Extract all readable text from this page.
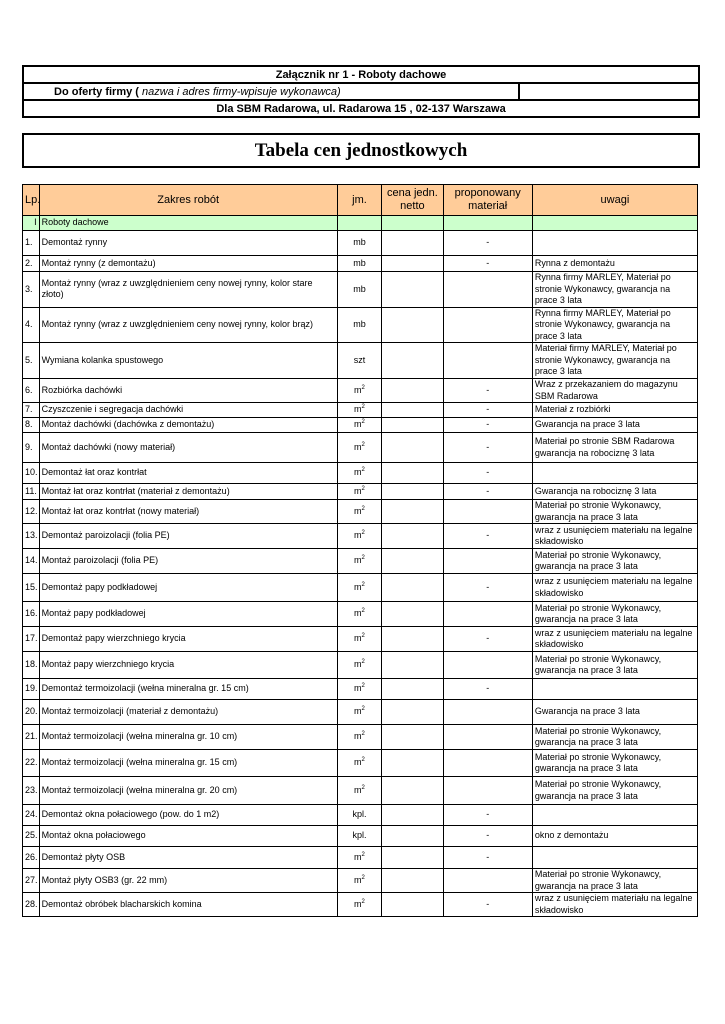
Załącznik nr 1 - Roboty dachowe
Do oferty firmy ( nazwa i adres firmy-wpisuje wykonawca)	
Dla SBM Radarowa, ul. Radarowa 15 , 02-137 Warszawa
Tabela cen jednostkowych
Lp.	Zakres robót	jm.	cena jedn. netto	proponowany materiał	uwagi
I	Roboty dachowe				
1.	Demontaż rynny	mb		-	
2.	Montaż rynny (z demontażu)	mb		-	Rynna z demontażu
3.	Montaż rynny (wraz z uwzględnieniem ceny nowej rynny, kolor stare złoto)	mb			Rynna firmy MARLEY, Materiał po stronie Wykonawcy, gwarancja na prace 3 lata
4.	Montaż rynny (wraz z uwzględnieniem ceny nowej rynny, kolor brąz)	mb			Rynna firmy MARLEY, Materiał po stronie Wykonawcy, gwarancja na prace 3 lata
5.	Wymiana kolanka spustowego	szt			Materiał firmy MARLEY, Materiał po stronie Wykonawcy, gwarancja na prace 3 lata
6.	Rozbiórka dachówki	$m^2$		-	Wraz z przekazaniem do magazynu SBM Radarowa
7.	Czyszczenie i segregacja dachówki	$m^2$		-	Materiał z rozbiórki
8.	Montaż dachówki (dachówka z demontażu)	$m^2$		-	Gwarancja na prace 3 lata
9.	Montaż dachówki (nowy materiał)	$m^2$		-	Materiał po stronie SBM Radarowa gwarancja na robociznę 3 lata
10.	Demontaż łat oraz kontrłat	$m^2$		-	
11.	Montaż łat oraz kontrłat (materiał z demontażu)	$m^2$		-	Gwarancja na robociznę 3 lata
12.	Montaż łat oraz kontrłat (nowy materiał)	$m^2$			Materiał po stronie Wykonawcy, gwarancja na prace 3 lata
13.	Demontaż paroizolacji (folia PE)	$m^2$		-	wraz z usunięciem materiału na legalne składowisko
14.	Montaż paroizolacji (folia PE)	$m^2$			Materiał po stronie Wykonawcy, gwarancja na prace 3 lata
15.	Demontaż papy podkładowej	$m^2$		-	wraz z usunięciem materiału na legalne składowisko
16.	Montaż papy podkładowej	$m^2$			Materiał po stronie Wykonawcy, gwarancja na prace 3 lata
17.	Demontaż papy wierzchniego krycia	$m^2$		-	wraz z usunięciem materiału na legalne składowisko
18.	Montaż papy wierzchniego krycia	$m^2$			Materiał po stronie Wykonawcy, gwarancja na prace 3 lata
19.	Demontaż termoizolacji (wełna mineralna gr. 15 cm)	$m^2$		-	
20.	Montaż termoizolacji (materiał z demontażu)	$m^2$			Gwarancja na prace 3 lata
21.	Montaż termoizolacji (wełna mineralna gr. 10 cm)	$m^2$			Materiał po stronie Wykonawcy, gwarancja na prace 3 lata
22.	Montaż termoizolacji (wełna mineralna gr. 15 cm)	$m^2$			Materiał po stronie Wykonawcy, gwarancja na prace 3 lata
23.	Montaż termoizolacji (wełna mineralna gr. 20 cm)	$m^2$			Materiał po stronie Wykonawcy, gwarancja na prace 3 lata
24.	Demontaż okna połaciowego (pow. do 1 m2)	kpl.		-	
25.	Montaż okna połaciowego	kpl.		-	okno z demontażu
26.	Demontaż płyty OSB	$m^2$		-	
27.	Montaż płyty OSB3 (gr. 22 mm)	$m^2$			Materiał po stronie Wykonawcy, gwarancja na prace 3 lata
28.	Demontaż obróbek blacharskich komina	$m^2$		-	wraz z usunięciem materiału na legalne składowisko
